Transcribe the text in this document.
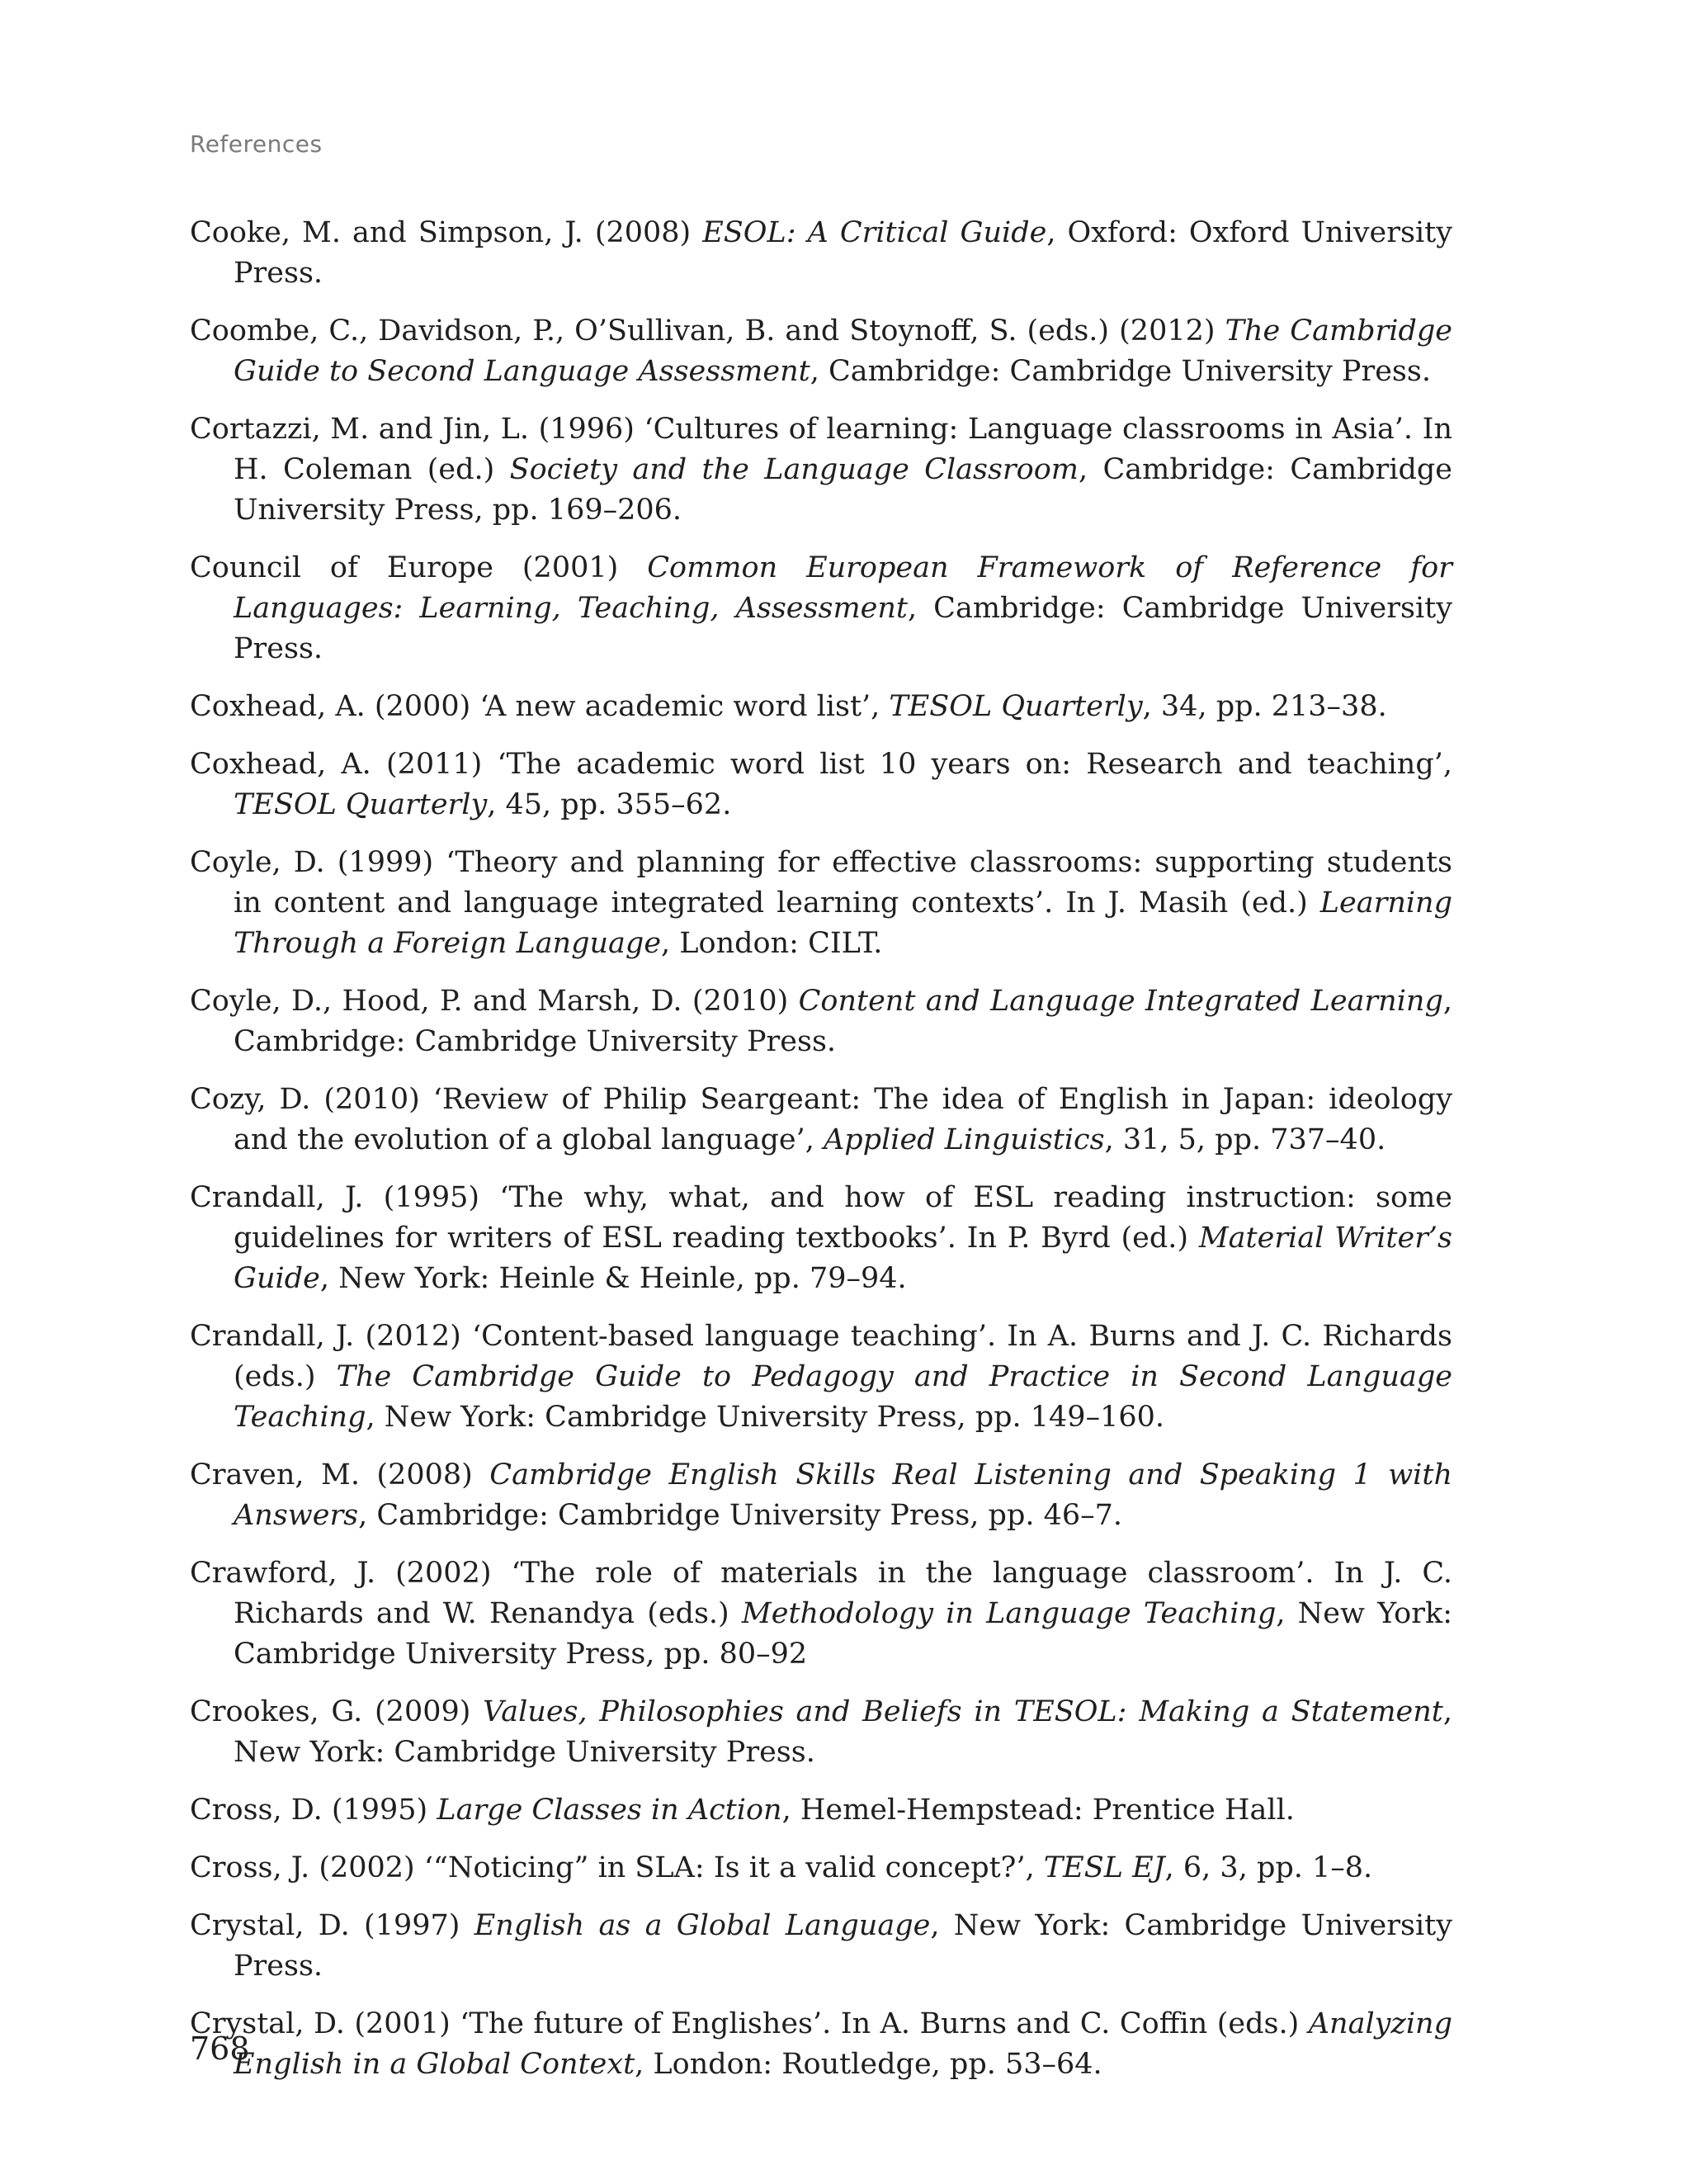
References

Cooke, M. and Simpson, J. (2008) ESOL: A Critical Guide, Oxford: Oxford University Press.

Coombe, C., Davidson, P., O’Sullivan, B. and Stoynoff, S. (eds.) (2012) The Cambridge Guide to Second Language Assessment, Cambridge: Cambridge University Press.

Cortazzi, M. and Jin, L. (1996) ‘Cultures of learning: Language classrooms in Asia’. In H. Coleman (ed.) Society and the Language Classroom, Cambridge: Cambridge University Press, pp. 169–206.

Council of Europe (2001) Common European Framework of Reference for Languages: Learning, Teaching, Assessment, Cambridge: Cambridge University Press.

Coxhead, A. (2000) ‘A new academic word list’, TESOL Quarterly, 34, pp. 213–38.

Coxhead, A. (2011) ‘The academic word list 10 years on: Research and teaching’, TESOL Quarterly, 45, pp. 355–62.

Coyle, D. (1999) ‘Theory and planning for effective classrooms: supporting students in content and language integrated learning contexts’. In J. Masih (ed.) Learning Through a Foreign Language, London: CILT.

Coyle, D., Hood, P. and Marsh, D. (2010) Content and Language Integrated Learning, Cambridge: Cambridge University Press.

Cozy, D. (2010) ‘Review of Philip Seargeant: The idea of English in Japan: ideology and the evolution of a global language’, Applied Linguistics, 31, 5, pp. 737–40.

Crandall, J. (1995) ‘The why, what, and how of ESL reading instruction: some guidelines for writers of ESL reading textbooks’. In P. Byrd (ed.) Material Writer’s Guide, New York: Heinle & Heinle, pp. 79–94.

Crandall, J. (2012) ‘Content-based language teaching’. In A. Burns and J. C. Richards (eds.) The Cambridge Guide to Pedagogy and Practice in Second Language Teaching, New York: Cambridge University Press, pp. 149–160.

Craven, M. (2008) Cambridge English Skills Real Listening and Speaking 1 with Answers, Cambridge: Cambridge University Press, pp. 46–7.

Crawford, J. (2002) ‘The role of materials in the language classroom’. In J. C. Richards and W. Renandya (eds.) Methodology in Language Teaching, New York: Cambridge University Press, pp. 80–92

Crookes, G. (2009) Values, Philosophies and Beliefs in TESOL: Making a Statement, New York: Cambridge University Press.

Cross, D. (1995) Large Classes in Action, Hemel-Hempstead: Prentice Hall.

Cross, J. (2002) ‘“Noticing” in SLA: Is it a valid concept?’, TESL EJ, 6, 3, pp. 1–8.

Crystal, D. (1997) English as a Global Language, New York: Cambridge University Press.

Crystal, D. (2001) ‘The future of Englishes’. In A. Burns and C. Coffin (eds.) Analyzing English in a Global Context, London: Routledge, pp. 53–64.

768
